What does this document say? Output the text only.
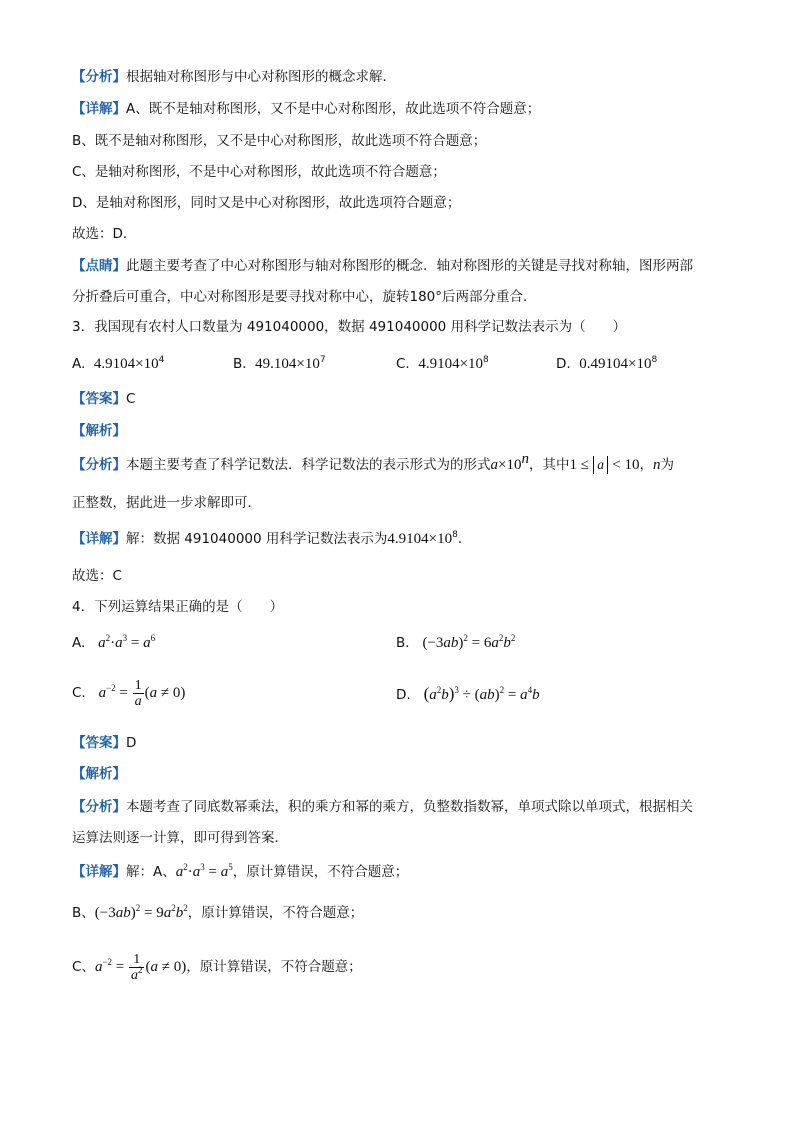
【分析】根据轴对称图形与中心对称图形的概念求解．
【详解】A、既不是轴对称图形，又不是中心对称图形，故此选项不符合题意；
B、既不是轴对称图形，又不是中心对称图形，故此选项不符合题意；
C、是轴对称图形，不是中心对称图形，故此选项不符合题意；
D、是轴对称图形，同时又是中心对称图形，故此选项符合题意；
故选：D．
【点睛】此题主要考查了中心对称图形与轴对称图形的概念．轴对称图形的关键是寻找对称轴，图形两部
分折叠后可重合，中心对称图形是要寻找对称中心，旋转180°后两部分重合．
3．我国现有农村人口数量为 491040000，数据 491040000 用科学记数法表示为（　　）
A. $4.9104\times 10^4$	B. $49.104\times 10^7$	C. $4.9104\times 10^8$	D. $0.49104\times 10^8$
【答案】C
【解析】
【分析】本题主要考查了科学记数法．科学记数法的表示形式为的形式$a\times 10^n$，其中1 ≤ a < 10，n为
正整数，据此进一步求解即可．
【详解】解：数据 491040000 用科学记数法表示为$4.9104\times 10^8$．
故选：C
4．下列运算结果正确的是（　　）
A. $a^2\cdot a^3 = a^6$	B. $(-3ab)^2 = 6a^2b^2$
C. $a^{-2} = \frac{1}{a} (a \ne 0)$	D. $(a^2b)^3 \div (ab)^2 = a^4b$
【答案】D
【解析】
【分析】本题考查了同底数幂乘法，积的乘方和幂的乘方，负整数指数幂，单项式除以单项式，根据相关
运算法则逐一计算，即可得到答案．
【详解】解：A、$a^2\cdot a^3 = a^5$，原计算错误，不符合题意；
B、$(-3ab)^2 = 9a^2b^2$，原计算错误，不符合题意；
C、$a^{-2} = \frac{1}{a^2} (a \ne 0)$，原计算错误，不符合题意；
